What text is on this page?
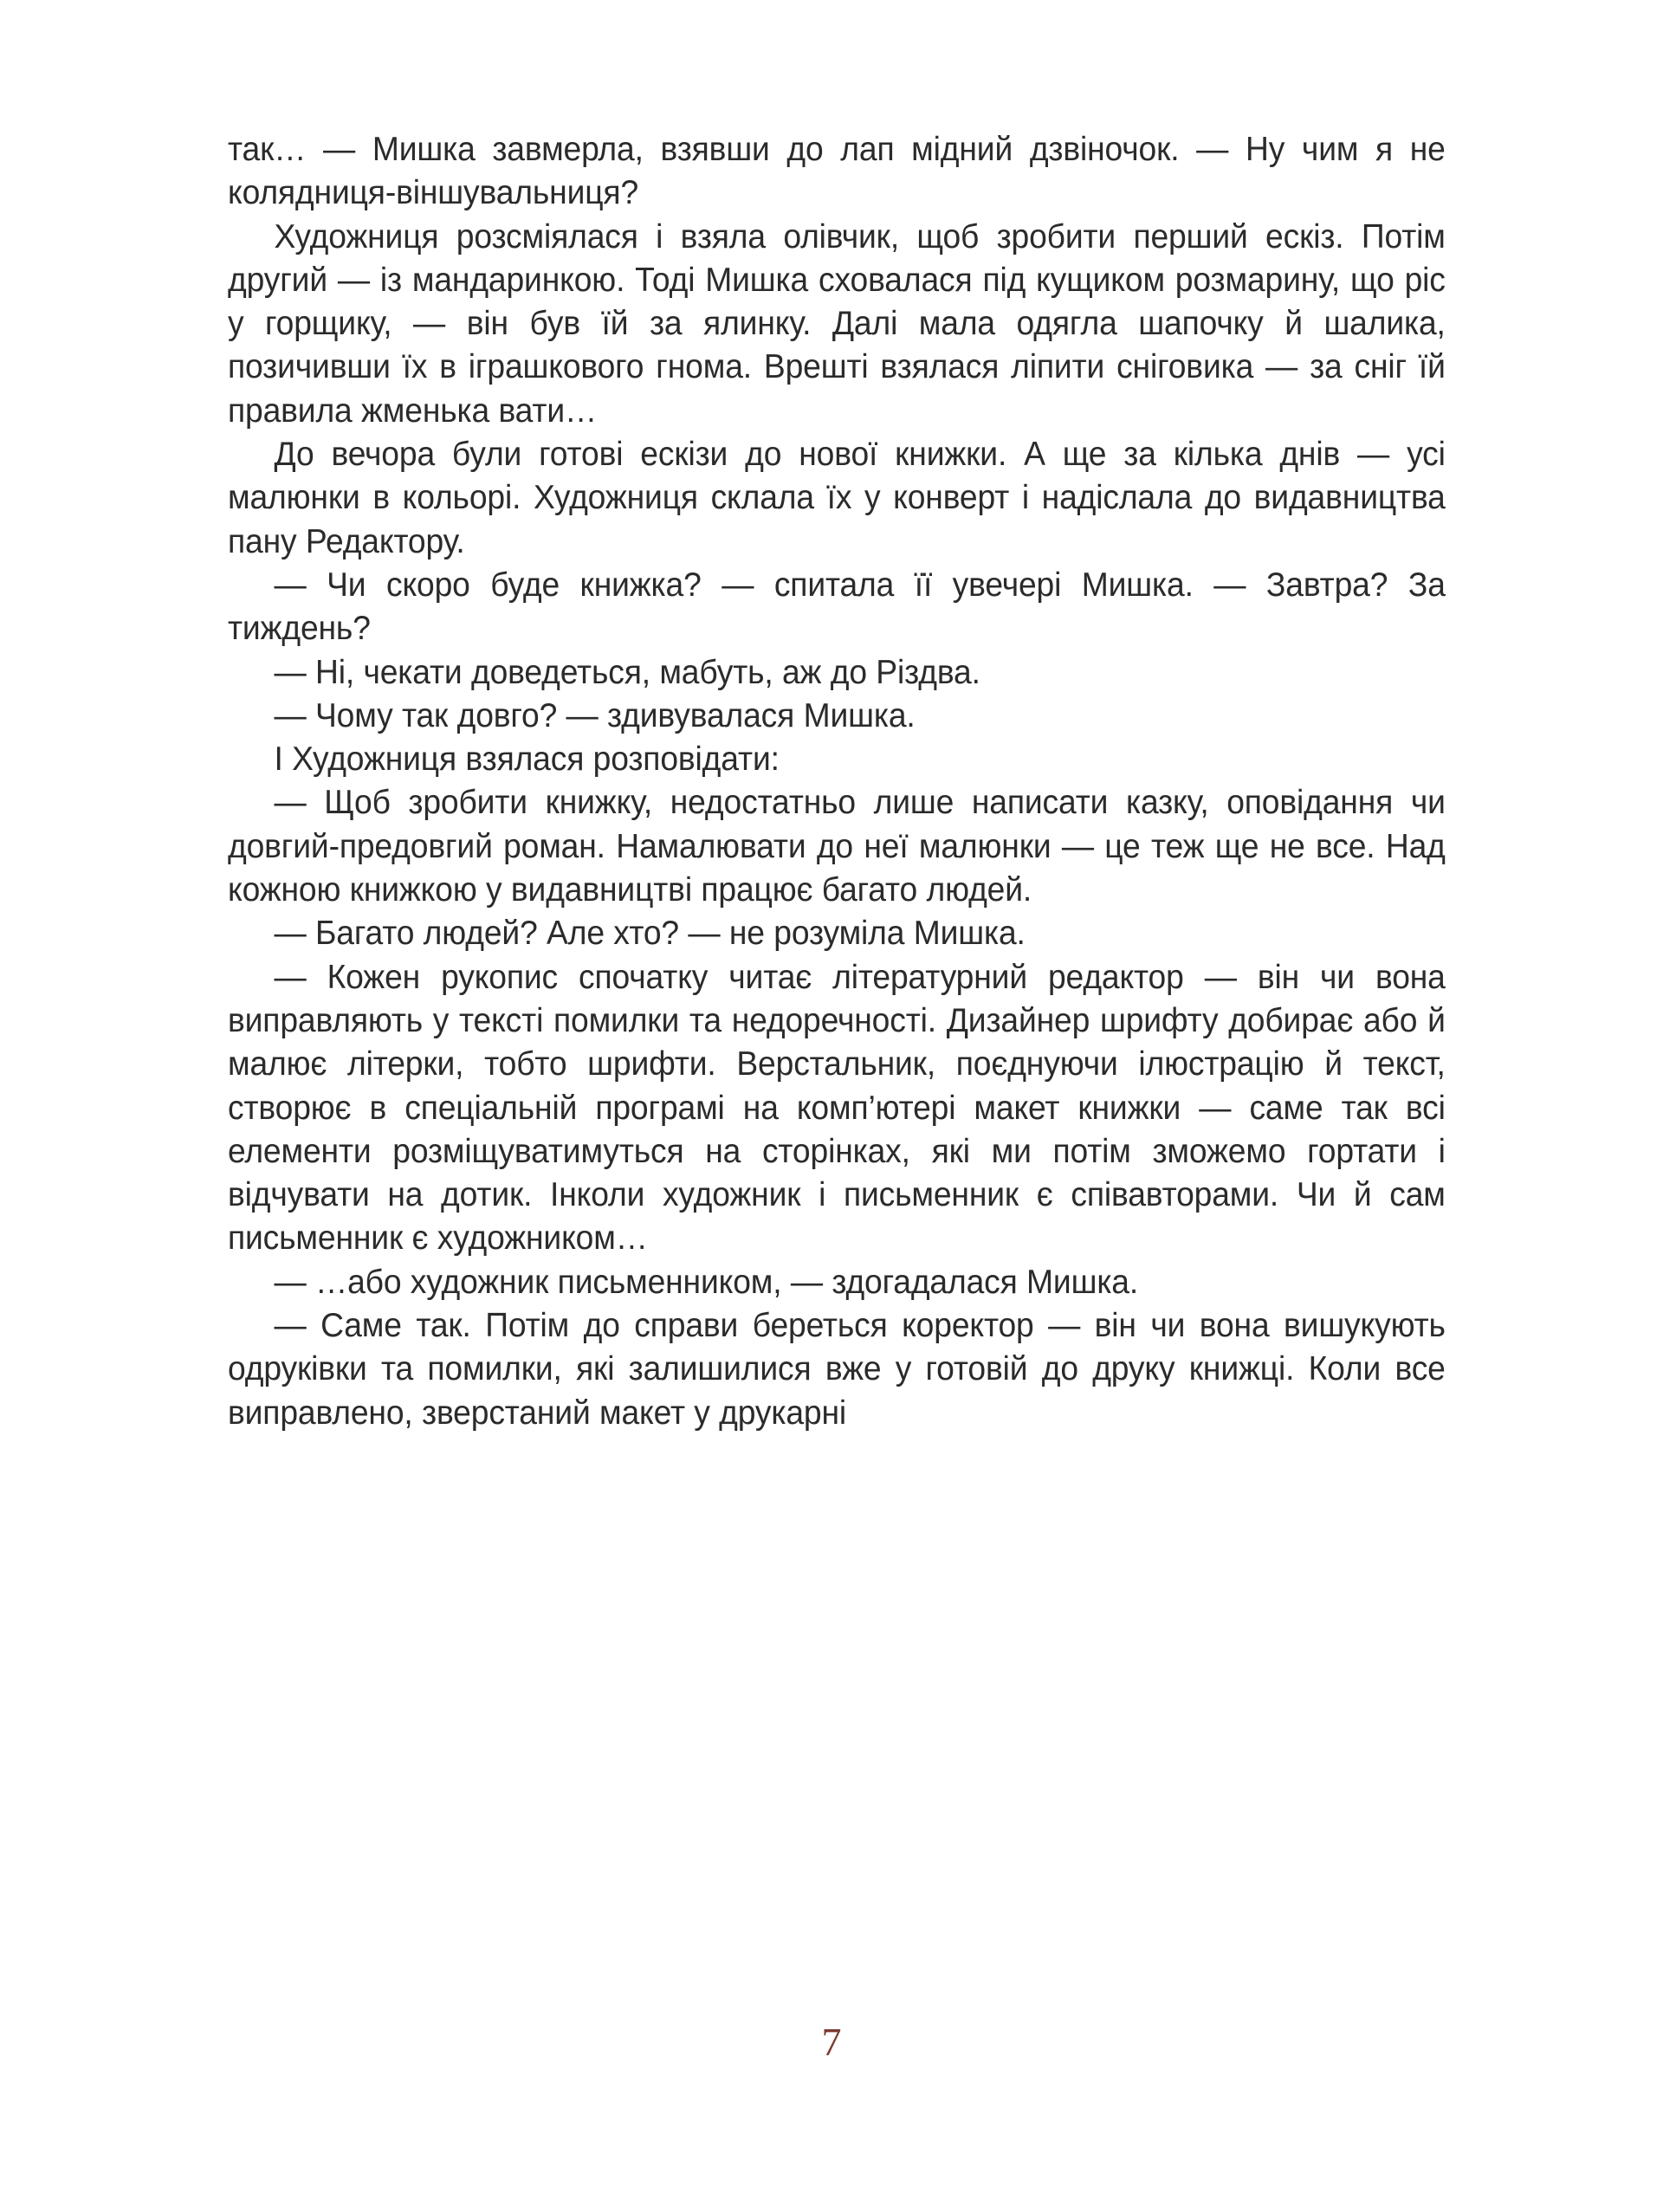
так… — Мишка завмерла, взявши до лап мідний дзвіночок. — Ну чим я не колядниця-віншувальниця?

Художниця розсміялася і взяла олівчик, щоб зробити перший ескіз. Потім другий — із мандаринкою. Тоді Мишка сховалася під кущиком розмарину, що ріс у горщику, — він був їй за ялинку. Далі мала одягла шапочку й шалика, позичивши їх в іграшкового гнома. Врешті взялася ліпити сніговика — за сніг їй правила жменька вати…

До вечора були готові ескізи до нової книжки. А ще за кілька днів — усі малюнки в кольорі. Художниця склала їх у конверт і надіслала до видавництва пану Редактору.

— Чи скоро буде книжка? — спитала її увечері Мишка. — Завтра? За тиждень?

— Ні, чекати доведеться, мабуть, аж до Різдва.

— Чому так довго? — здивувалася Мишка.

І Художниця взялася розповідати:

— Щоб зробити книжку, недостатньо лише написати казку, оповідання чи довгий-предовгий роман. Намалювати до неї малюнки — це теж ще не все. Над кожною книжкою у видавництві працює багато людей.

— Багато людей? Але хто? — не розуміла Мишка.

— Кожен рукопис спочатку читає літературний редактор — він чи вона виправляють у тексті помилки та недоречності. Дизайнер шрифту добирає або й малює літерки, тобто шрифти. Верстальник, поєднуючи ілюстрацію й текст, створює в спеціальній програмі на комп’ютері макет книжки — саме так всі елементи розміщуватимуться на сторінках, які ми потім зможемо гортати і відчувати на дотик. Інколи художник і письменник є співавторами. Чи й сам письменник є художником…

— …або художник письменником, — здогадалася Мишка.

— Саме так. Потім до справи береться коректор — він чи вона вишукують одруківки та помилки, які залишилися вже у готовій до друку книжці. Коли все виправлено, зверстаний макет у друкарні

7
